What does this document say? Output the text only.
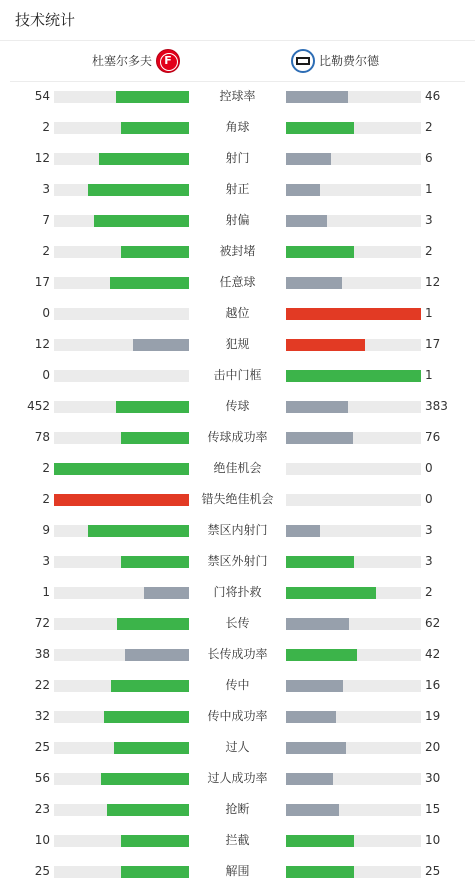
技术统计
杜塞尔多夫
F	比勒费尔德
54	控球率	46
2	角球	2
12	射门	6
3	射正	1
7	射偏	3
2	被封堵	2
17	任意球	12
0	越位	1
12	犯规	17
0	击中门框	1
452	传球	383
78	传球成功率	76
2	绝佳机会	0
2	错失绝佳机会	0
9	禁区内射门	3
3	禁区外射门	3
1	门将扑救	2
72	长传	62
38	长传成功率	42
22	传中	16
32	传中成功率	19
25	过人	20
56	过人成功率	30
23	抢断	15
10	拦截	10
25	解围	25
